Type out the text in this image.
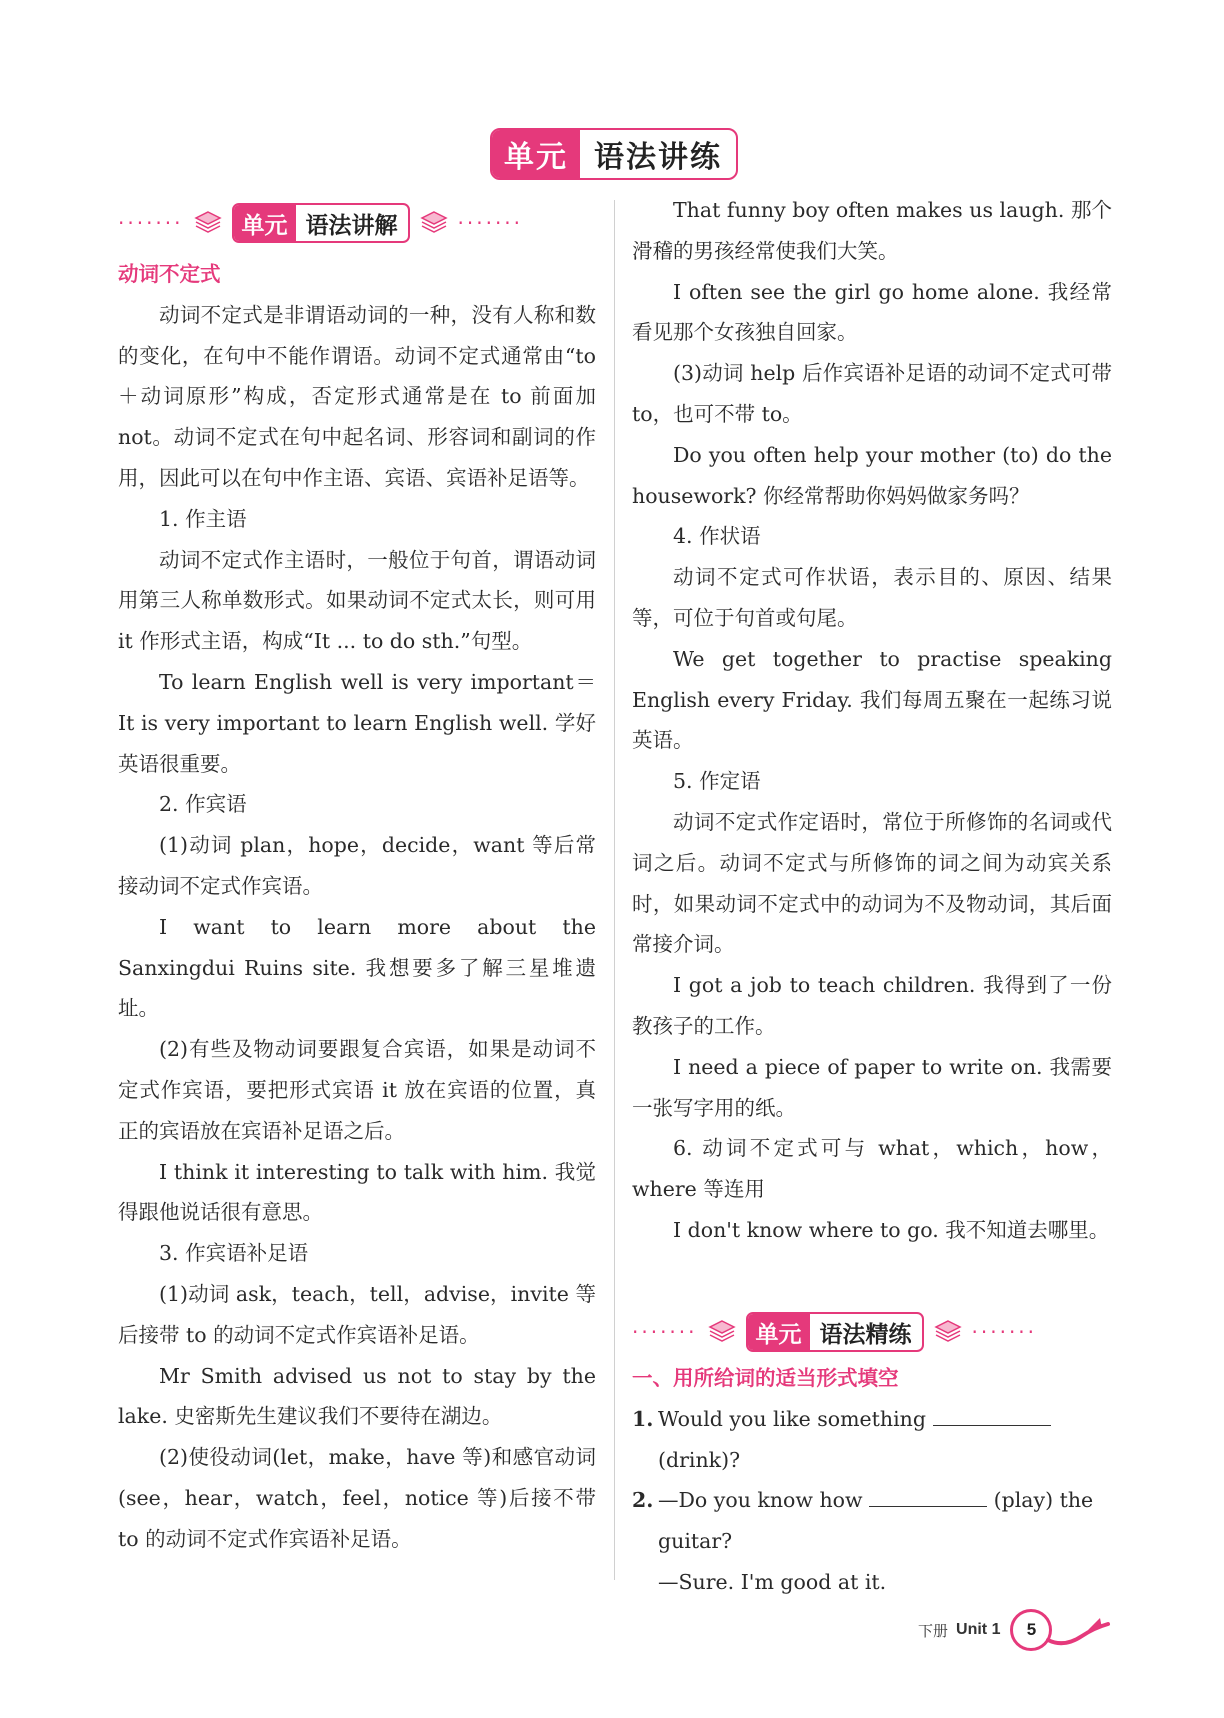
单元 语法讲练
·······	单元 语法讲解	·······

动词不定式

动词不定式是非谓语动词的一种，没有人称和数的变化，在句中不能作谓语。动词不定式通常由“to＋动词原形”构成，否定形式通常是在 to 前面加 not。动词不定式在句中起名词、形容词和副词的作用，因此可以在句中作主语、宾语、宾语补足语等。

1. 作主语

动词不定式作主语时，一般位于句首，谓语动词用第三人称单数形式。如果动词不定式太长，则可用 it 作形式主语，构成“It ... to do sth.”句型。

To learn English well is very important＝It is very important to learn English well. 学好英语很重要。

2. 作宾语

(1)动词 plan，hope，decide，want 等后常接动词不定式作宾语。

I want to learn more about the Sanxingdui Ruins site. 我想要多了解三星堆遗址。

(2)有些及物动词要跟复合宾语，如果是动词不定式作宾语，要把形式宾语 it 放在宾语的位置，真正的宾语放在宾语补足语之后。

I think it interesting to talk with him. 我觉得跟他说话很有意思。

3. 作宾语补足语

(1)动词 ask，teach，tell，advise，invite 等后接带 to 的动词不定式作宾语补足语。

Mr Smith advised us not to stay by the lake. 史密斯先生建议我们不要待在湖边。

(2)使役动词(let，make，have 等)和感官动词(see，hear，watch，feel，notice 等)后接不带 to 的动词不定式作宾语补足语。

That funny boy often makes us laugh. 那个滑稽的男孩经常使我们大笑。

I often see the girl go home alone. 我经常看见那个女孩独自回家。

(3)动词 help 后作宾语补足语的动词不定式可带 to，也可不带 to。

Do you often help your mother (to) do the housework? 你经常帮助你妈妈做家务吗？

4. 作状语

动词不定式可作状语，表示目的、原因、结果等，可位于句首或句尾。

We get together to practise speaking English every Friday. 我们每周五聚在一起练习说英语。

5. 作定语

动词不定式作定语时，常位于所修饰的名词或代词之后。动词不定式与所修饰的词之间为动宾关系时，如果动词不定式中的动词为不及物动词，其后面常接介词。

I got a job to teach children. 我得到了一份教孩子的工作。

I need a piece of paper to write on. 我需要一张写字用的纸。

6. 动词不定式可与 what，which，how，where 等连用

I don't know where to go. 我不知道去哪里。

·······	单元 语法精练	·······

一、用所给词的适当形式填空

1. Would you like something
(drink)?
2. —Do you know how	(play) the guitar?
—Sure. I'm good at it.
下册 Unit 1	5
